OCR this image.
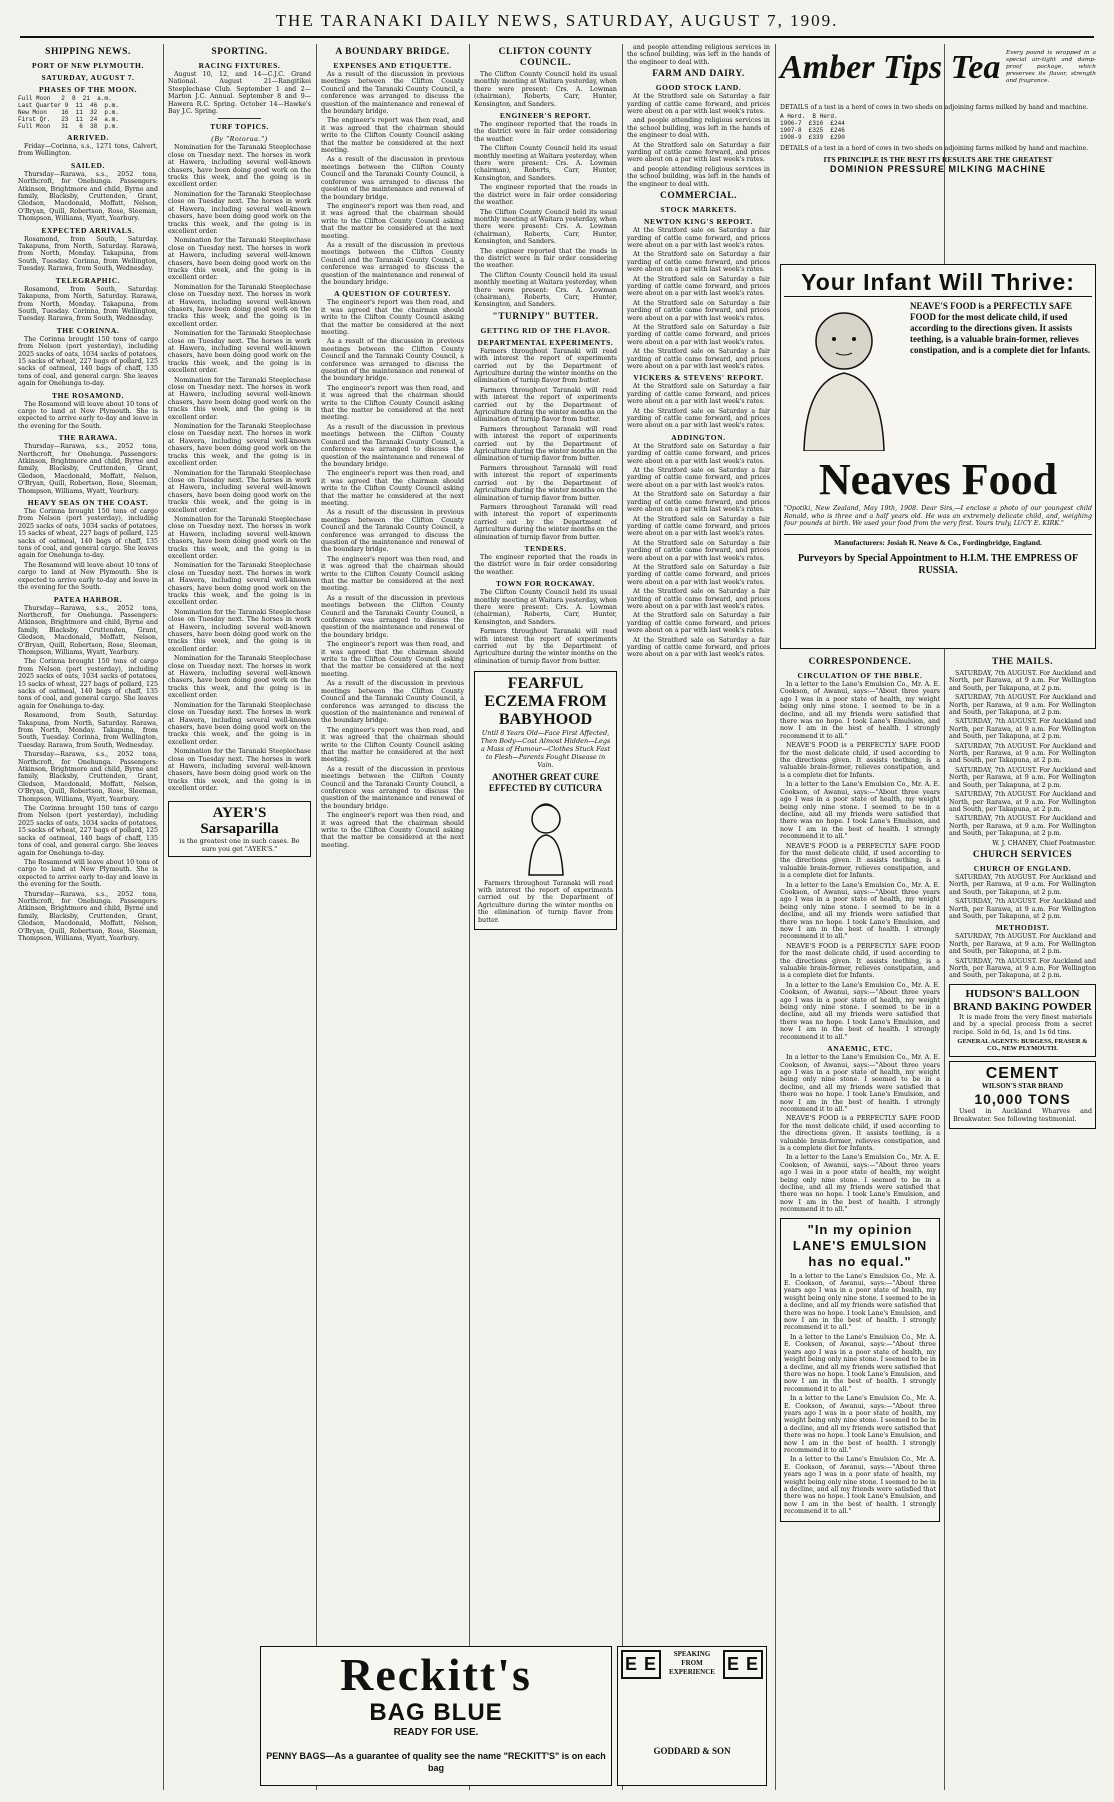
THE TARANAKI DAILY NEWS, SATURDAY, AUGUST 7, 1909.
SHIPPING NEWS.
PORT OF NEW PLYMOUTH.
SATURDAY, AUGUST 7.
PHASES OF THE MOON.
Full Moon   2  8  21  a.m.
Last Quarter 9  11  46  p.m.
New Moon    16  11  32  p.m.
First Qr.   23  11  24  a.m.
Full Moon   31   6  38  p.m.
ARRIVED.

Friday—Corinna, s.s., 1271 tons, Calvert, from Wellington.

SAILED.

Thursday—Rarawa, s.s., 2052 tons, Northcroft, for Onehunga. Passengers: Atkinson, Brightmore and child, Byrne and family, Blacksby, Cruttenden, Grant, Gledson, Macdonald, Moffatt, Nelson, O'Bryan, Quill, Robertson, Rose, Sleeman, Thompson, Williams, Wyatt, Yearbury.

EXPECTED ARRIVALS.

Rosamond, from South, Saturday. Takapuna, from North, Saturday. Rarawa, from North, Monday. Takapuna, from South, Tuesday. Corinna, from Wellington, Tuesday. Rarawa, from South, Wednesday.

TELEGRAPHIC.

Rosamond, from South, Saturday. Takapuna, from North, Saturday. Rarawa, from North, Monday. Takapuna, from South, Tuesday. Corinna, from Wellington, Tuesday. Rarawa, from South, Wednesday.

THE CORINNA.

The Corinna brought 150 tons of cargo from Nelson (port yesterday), including 2025 sacks of oats, 1034 sacks of potatoes, 15 sacks of wheat, 227 bags of pollard, 125 sacks of oatmeal, 140 bags of chaff, 135 tons of coal, and general cargo. She leaves again for Onehunga to-day.

THE ROSAMOND.

The Rosamond will leave about 10 tons of cargo to land at New Plymouth. She is expected to arrive early to-day and leave in the evening for the South.

THE RARAWA.

Thursday—Rarawa, s.s., 2052 tons, Northcroft, for Onehunga. Passengers: Atkinson, Brightmore and child, Byrne and family, Blacksby, Cruttenden, Grant, Gledson, Macdonald, Moffatt, Nelson, O'Bryan, Quill, Robertson, Rose, Sleeman, Thompson, Williams, Wyatt, Yearbury.

HEAVY SEAS ON THE COAST.

The Corinna brought 150 tons of cargo from Nelson (port yesterday), including 2025 sacks of oats, 1034 sacks of potatoes, 15 sacks of wheat, 227 bags of pollard, 125 sacks of oatmeal, 140 bags of chaff, 135 tons of coal, and general cargo. She leaves again for Onehunga to-day.

The Rosamond will leave about 10 tons of cargo to land at New Plymouth. She is expected to arrive early to-day and leave in the evening for the South.

PATEA HARBOR.

Thursday—Rarawa, s.s., 2052 tons, Northcroft, for Onehunga. Passengers: Atkinson, Brightmore and child, Byrne and family, Blacksby, Cruttenden, Grant, Gledson, Macdonald, Moffatt, Nelson, O'Bryan, Quill, Robertson, Rose, Sleeman, Thompson, Williams, Wyatt, Yearbury.

The Corinna brought 150 tons of cargo from Nelson (port yesterday), including 2025 sacks of oats, 1034 sacks of potatoes, 15 sacks of wheat, 227 bags of pollard, 125 sacks of oatmeal, 140 bags of chaff, 135 tons of coal, and general cargo. She leaves again for Onehunga to-day.

Rosamond, from South, Saturday. Takapuna, from North, Saturday. Rarawa, from North, Monday. Takapuna, from South, Tuesday. Corinna, from Wellington, Tuesday. Rarawa, from South, Wednesday.

Thursday—Rarawa, s.s., 2052 tons, Northcroft, for Onehunga. Passengers: Atkinson, Brightmore and child, Byrne and family, Blacksby, Cruttenden, Grant, Gledson, Macdonald, Moffatt, Nelson, O'Bryan, Quill, Robertson, Rose, Sleeman, Thompson, Williams, Wyatt, Yearbury.

The Corinna brought 150 tons of cargo from Nelson (port yesterday), including 2025 sacks of oats, 1034 sacks of potatoes, 15 sacks of wheat, 227 bags of pollard, 125 sacks of oatmeal, 140 bags of chaff, 135 tons of coal, and general cargo. She leaves again for Onehunga to-day.

The Rosamond will leave about 10 tons of cargo to land at New Plymouth. She is expected to arrive early to-day and leave in the evening for the South.

Thursday—Rarawa, s.s., 2052 tons, Northcroft, for Onehunga. Passengers: Atkinson, Brightmore and child, Byrne and family, Blacksby, Cruttenden, Grant, Gledson, Macdonald, Moffatt, Nelson, O'Bryan, Quill, Robertson, Rose, Sleeman, Thompson, Williams, Wyatt, Yearbury.

SPORTING.
RACING FIXTURES.

August 10, 12, and 14—C.J.C. Grand National. August 21—Rangitikei Steeplechase Club. September 1 and 2—Marton J.C. Annual. September 8 and 9—Hawera R.C. Spring. October 14—Hawke's Bay J.C. Spring.

TURF TOPICS.
(By "Rotorua.")

Nomination for the Taranaki Steeplechase close on Tuesday next. The horses in work at Hawera, including several well-known chasers, have been doing good work on the tracks this week, and the going is in excellent order.

Nomination for the Taranaki Steeplechase close on Tuesday next. The horses in work at Hawera, including several well-known chasers, have been doing good work on the tracks this week, and the going is in excellent order.

Nomination for the Taranaki Steeplechase close on Tuesday next. The horses in work at Hawera, including several well-known chasers, have been doing good work on the tracks this week, and the going is in excellent order.

Nomination for the Taranaki Steeplechase close on Tuesday next. The horses in work at Hawera, including several well-known chasers, have been doing good work on the tracks this week, and the going is in excellent order.

Nomination for the Taranaki Steeplechase close on Tuesday next. The horses in work at Hawera, including several well-known chasers, have been doing good work on the tracks this week, and the going is in excellent order.

Nomination for the Taranaki Steeplechase close on Tuesday next. The horses in work at Hawera, including several well-known chasers, have been doing good work on the tracks this week, and the going is in excellent order.

Nomination for the Taranaki Steeplechase close on Tuesday next. The horses in work at Hawera, including several well-known chasers, have been doing good work on the tracks this week, and the going is in excellent order.

Nomination for the Taranaki Steeplechase close on Tuesday next. The horses in work at Hawera, including several well-known chasers, have been doing good work on the tracks this week, and the going is in excellent order.

Nomination for the Taranaki Steeplechase close on Tuesday next. The horses in work at Hawera, including several well-known chasers, have been doing good work on the tracks this week, and the going is in excellent order.

Nomination for the Taranaki Steeplechase close on Tuesday next. The horses in work at Hawera, including several well-known chasers, have been doing good work on the tracks this week, and the going is in excellent order.

Nomination for the Taranaki Steeplechase close on Tuesday next. The horses in work at Hawera, including several well-known chasers, have been doing good work on the tracks this week, and the going is in excellent order.

Nomination for the Taranaki Steeplechase close on Tuesday next. The horses in work at Hawera, including several well-known chasers, have been doing good work on the tracks this week, and the going is in excellent order.

Nomination for the Taranaki Steeplechase close on Tuesday next. The horses in work at Hawera, including several well-known chasers, have been doing good work on the tracks this week, and the going is in excellent order.

Nomination for the Taranaki Steeplechase close on Tuesday next. The horses in work at Hawera, including several well-known chasers, have been doing good work on the tracks this week, and the going is in excellent order.

AYER'S Sarsaparilla
is the greatest one in such cases. Be sure you get "AYER'S."
A BOUNDARY BRIDGE.
EXPENSES AND ETIQUETTE.

As a result of the discussion in previous meetings between the Clifton County Council and the Taranaki County Council, a conference was arranged to discuss the question of the maintenance and renewal of the boundary bridge.

The engineer's report was then read, and it was agreed that the chairman should write to the Clifton County Council asking that the matter be considered at the next meeting.

As a result of the discussion in previous meetings between the Clifton County Council and the Taranaki County Council, a conference was arranged to discuss the question of the maintenance and renewal of the boundary bridge.

The engineer's report was then read, and it was agreed that the chairman should write to the Clifton County Council asking that the matter be considered at the next meeting.

As a result of the discussion in previous meetings between the Clifton County Council and the Taranaki County Council, a conference was arranged to discuss the question of the maintenance and renewal of the boundary bridge.

A QUESTION OF COURTESY.

The engineer's report was then read, and it was agreed that the chairman should write to the Clifton County Council asking that the matter be considered at the next meeting.

As a result of the discussion in previous meetings between the Clifton County Council and the Taranaki County Council, a conference was arranged to discuss the question of the maintenance and renewal of the boundary bridge.

The engineer's report was then read, and it was agreed that the chairman should write to the Clifton County Council asking that the matter be considered at the next meeting.

As a result of the discussion in previous meetings between the Clifton County Council and the Taranaki County Council, a conference was arranged to discuss the question of the maintenance and renewal of the boundary bridge.

The engineer's report was then read, and it was agreed that the chairman should write to the Clifton County Council asking that the matter be considered at the next meeting.

As a result of the discussion in previous meetings between the Clifton County Council and the Taranaki County Council, a conference was arranged to discuss the question of the maintenance and renewal of the boundary bridge.

The engineer's report was then read, and it was agreed that the chairman should write to the Clifton County Council asking that the matter be considered at the next meeting.

As a result of the discussion in previous meetings between the Clifton County Council and the Taranaki County Council, a conference was arranged to discuss the question of the maintenance and renewal of the boundary bridge.

The engineer's report was then read, and it was agreed that the chairman should write to the Clifton County Council asking that the matter be considered at the next meeting.

As a result of the discussion in previous meetings between the Clifton County Council and the Taranaki County Council, a conference was arranged to discuss the question of the maintenance and renewal of the boundary bridge.

The engineer's report was then read, and it was agreed that the chairman should write to the Clifton County Council asking that the matter be considered at the next meeting.

As a result of the discussion in previous meetings between the Clifton County Council and the Taranaki County Council, a conference was arranged to discuss the question of the maintenance and renewal of the boundary bridge.

The engineer's report was then read, and it was agreed that the chairman should write to the Clifton County Council asking that the matter be considered at the next meeting.

Reckitt's
BAG BLUE
READY FOR USE.
PENNY BAGS—As a guarantee of quality see the name "RECKITT'S" is on each bag
CLIFTON COUNTY COUNCIL.

The Clifton County Council held its usual monthly meeting at Waitara yesterday, when there were present: Crs. A. Lowman (chairman), Roberts, Carr, Hunter, Kensington, and Sanders.

ENGINEER'S REPORT.

The engineer reported that the roads in the district were in fair order considering the weather.

The Clifton County Council held its usual monthly meeting at Waitara yesterday, when there were present: Crs. A. Lowman (chairman), Roberts, Carr, Hunter, Kensington, and Sanders.

The engineer reported that the roads in the district were in fair order considering the weather.

The Clifton County Council held its usual monthly meeting at Waitara yesterday, when there were present: Crs. A. Lowman (chairman), Roberts, Carr, Hunter, Kensington, and Sanders.

The engineer reported that the roads in the district were in fair order considering the weather.

The Clifton County Council held its usual monthly meeting at Waitara yesterday, when there were present: Crs. A. Lowman (chairman), Roberts, Carr, Hunter, Kensington, and Sanders.

"TURNIPY" BUTTER.
GETTING RID OF THE FLAVOR.
DEPARTMENTAL EXPERIMENTS.

Farmers throughout Taranaki will read with interest the report of experiments carried out by the Department of Agriculture during the winter months on the elimination of turnip flavor from butter.

Farmers throughout Taranaki will read with interest the report of experiments carried out by the Department of Agriculture during the winter months on the elimination of turnip flavor from butter.

Farmers throughout Taranaki will read with interest the report of experiments carried out by the Department of Agriculture during the winter months on the elimination of turnip flavor from butter.

Farmers throughout Taranaki will read with interest the report of experiments carried out by the Department of Agriculture during the winter months on the elimination of turnip flavor from butter.

Farmers throughout Taranaki will read with interest the report of experiments carried out by the Department of Agriculture during the winter months on the elimination of turnip flavor from butter.

TENDERS.

The engineer reported that the roads in the district were in fair order considering the weather.

TOWN FOR ROCKAWAY.

The Clifton County Council held its usual monthly meeting at Waitara yesterday, when there were present: Crs. A. Lowman (chairman), Roberts, Carr, Hunter, Kensington, and Sanders.

Farmers throughout Taranaki will read with interest the report of experiments carried out by the Department of Agriculture during the winter months on the elimination of turnip flavor from butter.

FEARFUL ECZEMA FROM BABYHOOD
Until 8 Years Old—Face First Affected, Then Body—Cost Almost Hidden—Legs a Mass of Humour—Clothes Stuck Fast to Flesh—Parents Fought Disease in Vain.
ANOTHER GREAT CURE EFFECTED BY CUTICURA

Farmers throughout Taranaki will read with interest the report of experiments carried out by the Department of Agriculture during the winter months on the elimination of turnip flavor from butter.

and people attending religious services in the school building, was left in the hands of the engineer to deal with.

FARM AND DAIRY.
GOOD STOCK LAND.

At the Stratford sale on Saturday a fair yarding of cattle came forward, and prices were about on a par with last week's rates.

and people attending religious services in the school building, was left in the hands of the engineer to deal with.

At the Stratford sale on Saturday a fair yarding of cattle came forward, and prices were about on a par with last week's rates.

and people attending religious services in the school building, was left in the hands of the engineer to deal with.

COMMERCIAL.
STOCK MARKETS.
NEWTON KING'S REPORT.

At the Stratford sale on Saturday a fair yarding of cattle came forward, and prices were about on a par with last week's rates.

At the Stratford sale on Saturday a fair yarding of cattle came forward, and prices were about on a par with last week's rates.

At the Stratford sale on Saturday a fair yarding of cattle came forward, and prices were about on a par with last week's rates.

At the Stratford sale on Saturday a fair yarding of cattle came forward, and prices were about on a par with last week's rates.

At the Stratford sale on Saturday a fair yarding of cattle came forward, and prices were about on a par with last week's rates.

At the Stratford sale on Saturday a fair yarding of cattle came forward, and prices were about on a par with last week's rates.

VICKERS & STEVENS' REPORT.

At the Stratford sale on Saturday a fair yarding of cattle came forward, and prices were about on a par with last week's rates.

At the Stratford sale on Saturday a fair yarding of cattle came forward, and prices were about on a par with last week's rates.

ADDINGTON.

At the Stratford sale on Saturday a fair yarding of cattle came forward, and prices were about on a par with last week's rates.

At the Stratford sale on Saturday a fair yarding of cattle came forward, and prices were about on a par with last week's rates.

At the Stratford sale on Saturday a fair yarding of cattle came forward, and prices were about on a par with last week's rates.

At the Stratford sale on Saturday a fair yarding of cattle came forward, and prices were about on a par with last week's rates.

At the Stratford sale on Saturday a fair yarding of cattle came forward, and prices were about on a par with last week's rates.

At the Stratford sale on Saturday a fair yarding of cattle came forward, and prices were about on a par with last week's rates.

At the Stratford sale on Saturday a fair yarding of cattle came forward, and prices were about on a par with last week's rates.

At the Stratford sale on Saturday a fair yarding of cattle came forward, and prices were about on a par with last week's rates.

At the Stratford sale on Saturday a fair yarding of cattle came forward, and prices were about on a par with last week's rates.

E E	SPEAKING FROM EXPERIENCE E E
GODDARD & SON
Amber Tips Tea Every pound is wrapped in a special air-tight and damp-proof package, which preserves its flavor, strength and fragrance.

DETAILS of a test in a herd of cows in two sheds on adjoining farms milked by hand and machine.

A Herd.  B Herd.
1906-7  £316  £244
1907-8  £325  £246
1908-9  £339  £290

DETAILS of a test in a herd of cows in two sheds on adjoining farms milked by hand and machine.

ITS PRINCIPLE IS THE BEST ITS RESULTS ARE THE GREATEST
DOMINION PRESSURE MILKING MACHINE
Your Infant Will Thrive:
NEAVE'S FOOD is a PERFECTLY SAFE FOOD for the most delicate child, if used according to the directions given. It assists teething, is a valuable brain-former, relieves constipation, and is a complete diet for Infants.
Neaves Food
"Opotiki, New Zealand, May 19th, 1908. Dear Sirs,—I enclose a photo of our youngest child Ronald, who is three and a half years old. He was an extremely delicate child, and, weighing four pounds at birth. We used your food from the very first. Yours truly, LUCY E. KIRK."
Manufacturers: Josiah R. Neave & Co., Fordingbridge, England.
Purveyors by Special Appointment to H.I.M. THE EMPRESS OF RUSSIA.
CORRESPONDENCE.
CIRCULATION OF THE BIBLE.

In a letter to the Lane's Emulsion Co., Mr. A. E. Cookson, of Awanui, says:—"About three years ago I was in a poor state of health, my weight being only nine stone. I seemed to be in a decline, and all my friends were satisfied that there was no hope. I took Lane's Emulsion, and now I am in the best of health. I strongly recommend it to all."

NEAVE'S FOOD is a PERFECTLY SAFE FOOD for the most delicate child, if used according to the directions given. It assists teething, is a valuable brain-former, relieves constipation, and is a complete diet for Infants.

In a letter to the Lane's Emulsion Co., Mr. A. E. Cookson, of Awanui, says:—"About three years ago I was in a poor state of health, my weight being only nine stone. I seemed to be in a decline, and all my friends were satisfied that there was no hope. I took Lane's Emulsion, and now I am in the best of health. I strongly recommend it to all."

NEAVE'S FOOD is a PERFECTLY SAFE FOOD for the most delicate child, if used according to the directions given. It assists teething, is a valuable brain-former, relieves constipation, and is a complete diet for Infants.

In a letter to the Lane's Emulsion Co., Mr. A. E. Cookson, of Awanui, says:—"About three years ago I was in a poor state of health, my weight being only nine stone. I seemed to be in a decline, and all my friends were satisfied that there was no hope. I took Lane's Emulsion, and now I am in the best of health. I strongly recommend it to all."

NEAVE'S FOOD is a PERFECTLY SAFE FOOD for the most delicate child, if used according to the directions given. It assists teething, is a valuable brain-former, relieves constipation, and is a complete diet for Infants.

In a letter to the Lane's Emulsion Co., Mr. A. E. Cookson, of Awanui, says:—"About three years ago I was in a poor state of health, my weight being only nine stone. I seemed to be in a decline, and all my friends were satisfied that there was no hope. I took Lane's Emulsion, and now I am in the best of health. I strongly recommend it to all."

ANAEMIC, ETC.

In a letter to the Lane's Emulsion Co., Mr. A. E. Cookson, of Awanui, says:—"About three years ago I was in a poor state of health, my weight being only nine stone. I seemed to be in a decline, and all my friends were satisfied that there was no hope. I took Lane's Emulsion, and now I am in the best of health. I strongly recommend it to all."

NEAVE'S FOOD is a PERFECTLY SAFE FOOD for the most delicate child, if used according to the directions given. It assists teething, is a valuable brain-former, relieves constipation, and is a complete diet for Infants.

In a letter to the Lane's Emulsion Co., Mr. A. E. Cookson, of Awanui, says:—"About three years ago I was in a poor state of health, my weight being only nine stone. I seemed to be in a decline, and all my friends were satisfied that there was no hope. I took Lane's Emulsion, and now I am in the best of health. I strongly recommend it to all."

"In my opinion LANE'S EMULSION has no equal."

In a letter to the Lane's Emulsion Co., Mr. A. E. Cookson, of Awanui, says:—"About three years ago I was in a poor state of health, my weight being only nine stone. I seemed to be in a decline, and all my friends were satisfied that there was no hope. I took Lane's Emulsion, and now I am in the best of health. I strongly recommend it to all."

In a letter to the Lane's Emulsion Co., Mr. A. E. Cookson, of Awanui, says:—"About three years ago I was in a poor state of health, my weight being only nine stone. I seemed to be in a decline, and all my friends were satisfied that there was no hope. I took Lane's Emulsion, and now I am in the best of health. I strongly recommend it to all."

In a letter to the Lane's Emulsion Co., Mr. A. E. Cookson, of Awanui, says:—"About three years ago I was in a poor state of health, my weight being only nine stone. I seemed to be in a decline, and all my friends were satisfied that there was no hope. I took Lane's Emulsion, and now I am in the best of health. I strongly recommend it to all."

In a letter to the Lane's Emulsion Co., Mr. A. E. Cookson, of Awanui, says:—"About three years ago I was in a poor state of health, my weight being only nine stone. I seemed to be in a decline, and all my friends were satisfied that there was no hope. I took Lane's Emulsion, and now I am in the best of health. I strongly recommend it to all."

THE MAILS.

SATURDAY, 7th AUGUST. For Auckland and North, per Rarawa, at 9 a.m. For Wellington and South, per Takapuna, at 2 p.m.

SATURDAY, 7th AUGUST. For Auckland and North, per Rarawa, at 9 a.m. For Wellington and South, per Takapuna, at 2 p.m.

SATURDAY, 7th AUGUST. For Auckland and North, per Rarawa, at 9 a.m. For Wellington and South, per Takapuna, at 2 p.m.

SATURDAY, 7th AUGUST. For Auckland and North, per Rarawa, at 9 a.m. For Wellington and South, per Takapuna, at 2 p.m.

SATURDAY, 7th AUGUST. For Auckland and North, per Rarawa, at 9 a.m. For Wellington and South, per Takapuna, at 2 p.m.

SATURDAY, 7th AUGUST. For Auckland and North, per Rarawa, at 9 a.m. For Wellington and South, per Takapuna, at 2 p.m.

SATURDAY, 7th AUGUST. For Auckland and North, per Rarawa, at 9 a.m. For Wellington and South, per Takapuna, at 2 p.m.

W. J. CHANEY, Chief Postmaster.

CHURCH SERVICES
CHURCH OF ENGLAND.

SATURDAY, 7th AUGUST. For Auckland and North, per Rarawa, at 9 a.m. For Wellington and South, per Takapuna, at 2 p.m.

SATURDAY, 7th AUGUST. For Auckland and North, per Rarawa, at 9 a.m. For Wellington and South, per Takapuna, at 2 p.m.

METHODIST.

SATURDAY, 7th AUGUST. For Auckland and North, per Rarawa, at 9 a.m. For Wellington and South, per Takapuna, at 2 p.m.

SATURDAY, 7th AUGUST. For Auckland and North, per Rarawa, at 9 a.m. For Wellington and South, per Takapuna, at 2 p.m.

HUDSON'S BALLOON BRAND BAKING POWDER

It is made from the very finest materials and by a special process from a secret recipe. Sold in 6d, 1s, and 1s 6d tins.

GENERAL AGENTS: BURGESS, FRASER & CO., NEW PLYMOUTH.
CEMENT
WILSON'S STAR BRAND
10,000 TONS

Used in Auckland Wharves and Breakwater. See following testimonial.
